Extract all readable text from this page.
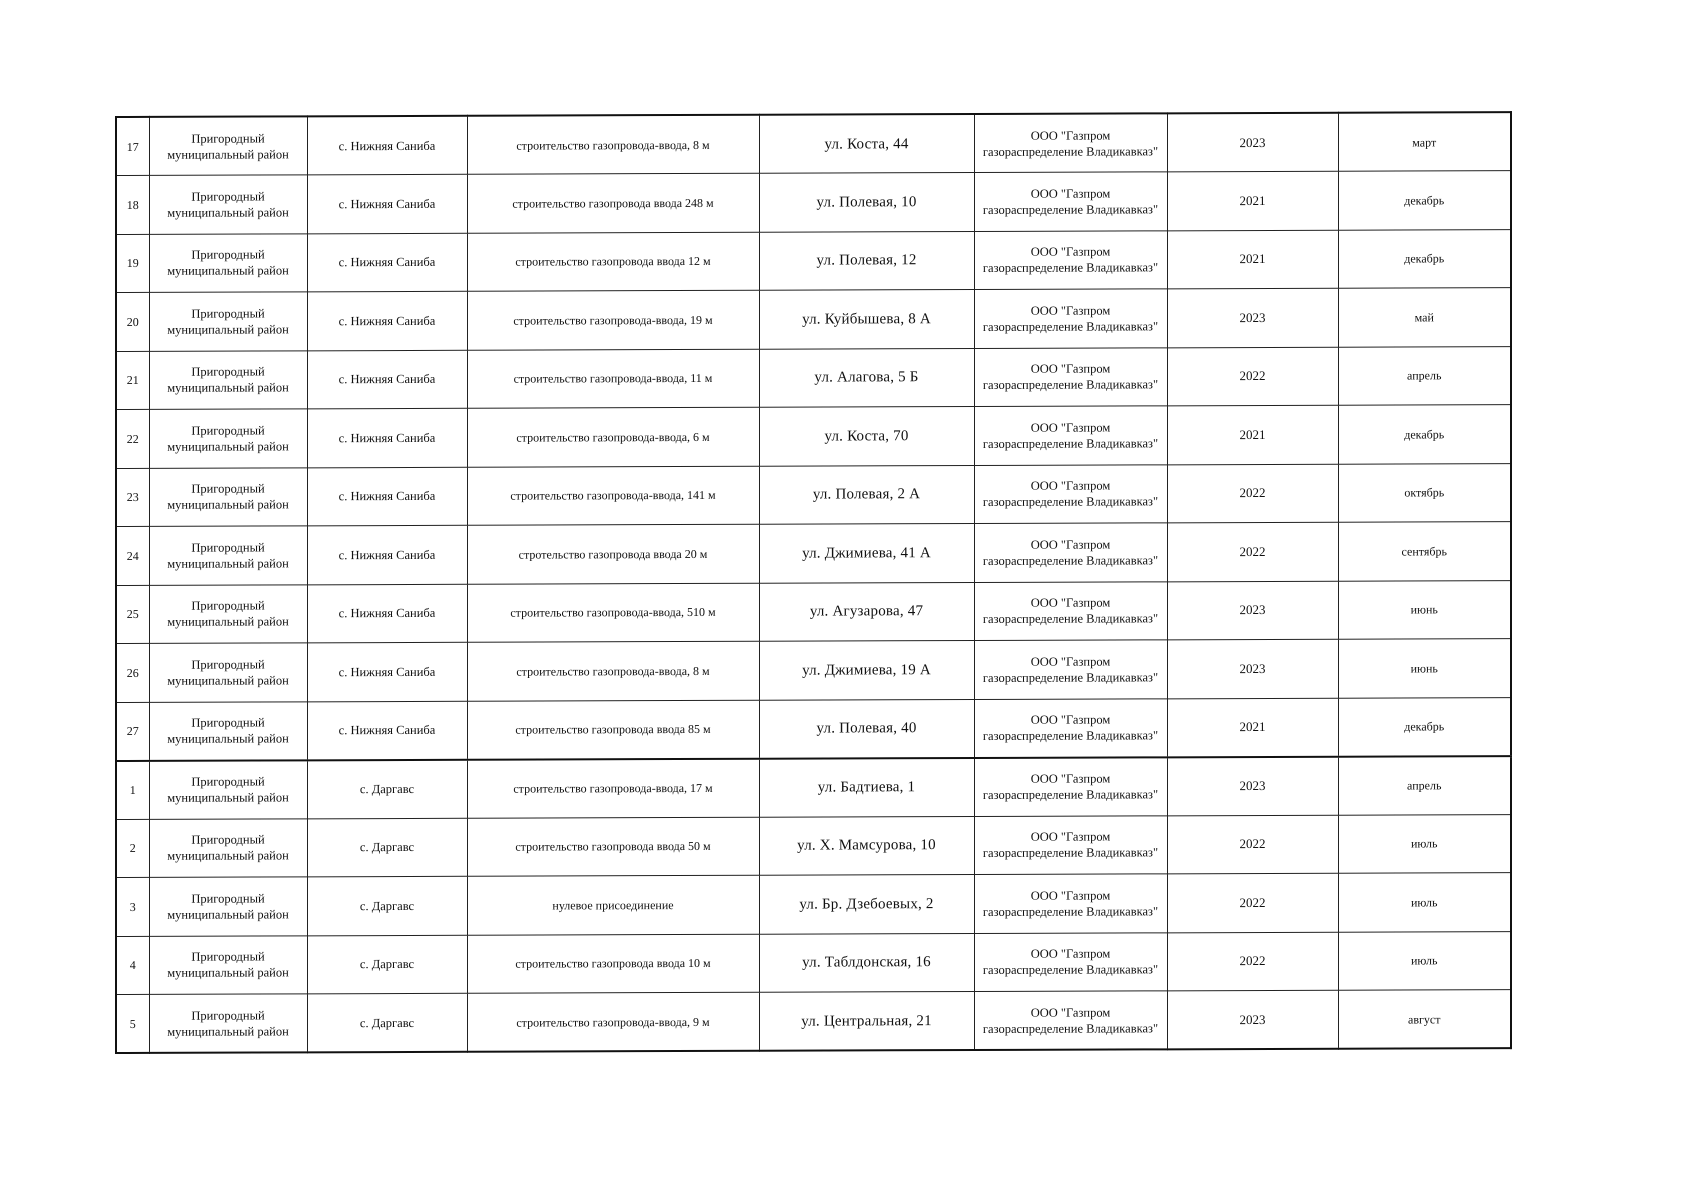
17	Пригородный
муниципальный район	с. Нижняя Саниба	строительство газопровода-ввода, 8 м	ул. Коста, 44	ООО "Газпром
газораспределение Владикавказ"	2023	март
18	Пригородный
муниципальный район	с. Нижняя Саниба	строительство газопровода ввода 248 м	ул. Полевая, 10	ООО "Газпром
газораспределение Владикавказ"	2021	декабрь
19	Пригородный
муниципальный район	с. Нижняя Саниба	строительство газопровода ввода 12 м	ул. Полевая, 12	ООО "Газпром
газораспределение Владикавказ"	2021	декабрь
20	Пригородный
муниципальный район	с. Нижняя Саниба	строительство газопровода-ввода, 19 м	ул. Куйбышева, 8 А	ООО "Газпром
газораспределение Владикавказ"	2023	май
21	Пригородный
муниципальный район	с. Нижняя Саниба	строительство газопровода-ввода, 11 м	ул. Алагова, 5 Б	ООО "Газпром
газораспределение Владикавказ"	2022	апрель
22	Пригородный
муниципальный район	с. Нижняя Саниба	строительство газопровода-ввода, 6 м	ул. Коста, 70	ООО "Газпром
газораспределение Владикавказ"	2021	декабрь
23	Пригородный
муниципальный район	с. Нижняя Саниба	строительство газопровода-ввода, 141 м	ул. Полевая, 2 А	ООО "Газпром
газораспределение Владикавказ"	2022	октябрь
24	Пригородный
муниципальный район	с. Нижняя Саниба	стротельство газопровода ввода 20 м	ул. Джимиева, 41 А	ООО "Газпром
газораспределение Владикавказ"	2022	сентябрь
25	Пригородный
муниципальный район	с. Нижняя Саниба	строительство газопровода-ввода, 510 м	ул. Агузарова, 47	ООО "Газпром
газораспределение Владикавказ"	2023	июнь
26	Пригородный
муниципальный район	с. Нижняя Саниба	строительство газопровода-ввода, 8 м	ул. Джимиева, 19 А	ООО "Газпром
газораспределение Владикавказ"	2023	июнь
27	Пригородный
муниципальный район	с. Нижняя Саниба	строительство газопровода ввода 85 м	ул. Полевая, 40	ООО "Газпром
газораспределение Владикавказ"	2021	декабрь
1	Пригородный
муниципальный район	с. Даргавс	строительство газопровода-ввода, 17 м	ул. Бадтиева, 1	ООО "Газпром
газораспределение Владикавказ"	2023	апрель
2	Пригородный
муниципальный район	с. Даргавс	строительство газопровода ввода 50 м	ул. Х. Мамсурова, 10	ООО "Газпром
газораспределение Владикавказ"	2022	июль
3	Пригородный
муниципальный район	с. Даргавс	нулевое присоединение	ул. Бр. Дзебоевых, 2	ООО "Газпром
газораспределение Владикавказ"	2022	июль
4	Пригородный
муниципальный район	с. Даргавс	строительство газопровода ввода 10 м	ул. Таблдонская, 16	ООО "Газпром
газораспределение Владикавказ"	2022	июль
5	Пригородный
муниципальный район	с. Даргавс	строительство газопровода-ввода, 9 м	ул. Центральная, 21	ООО "Газпром
газораспределение Владикавказ"	2023	август
